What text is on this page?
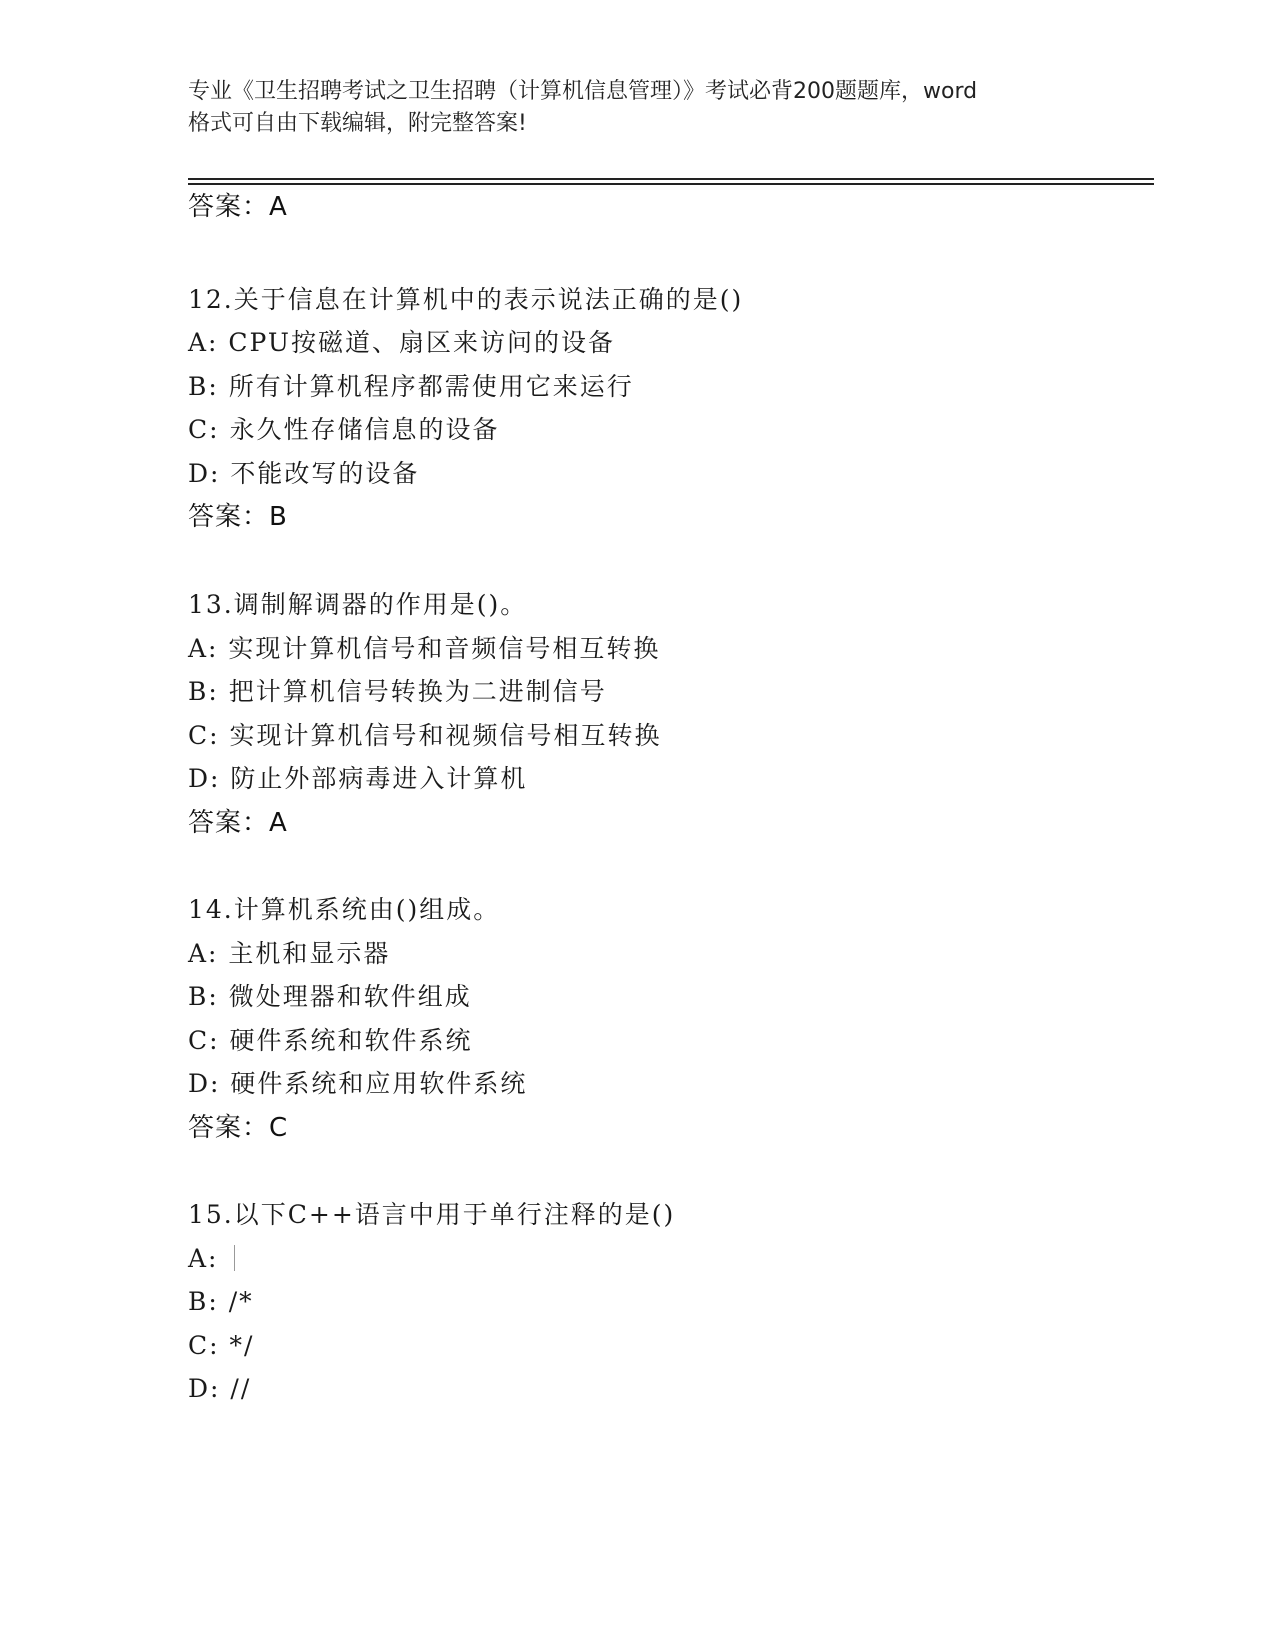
专业《卫生招聘考试之卫生招聘（计算机信息管理）》考试必背200题题库，word
格式可自由下载编辑，附完整答案!
答案：A
12.关于信息在计算机中的表示说法正确的是()
A: CPU按磁道、扇区来访问的设备
B: 所有计算机程序都需使用它来运行
C: 永久性存储信息的设备
D: 不能改写的设备
答案：B
13.调制解调器的作用是()。
A: 实现计算机信号和音频信号相互转换
B: 把计算机信号转换为二进制信号
C: 实现计算机信号和视频信号相互转换
D: 防止外部病毒进入计算机
答案：A
14.计算机系统由()组成。
A: 主机和显示器
B: 微处理器和软件组成
C: 硬件系统和软件系统
D: 硬件系统和应用软件系统
答案：C
15.以下C++语言中用于单行注释的是()
A:
B: /*
C: */
D: //
